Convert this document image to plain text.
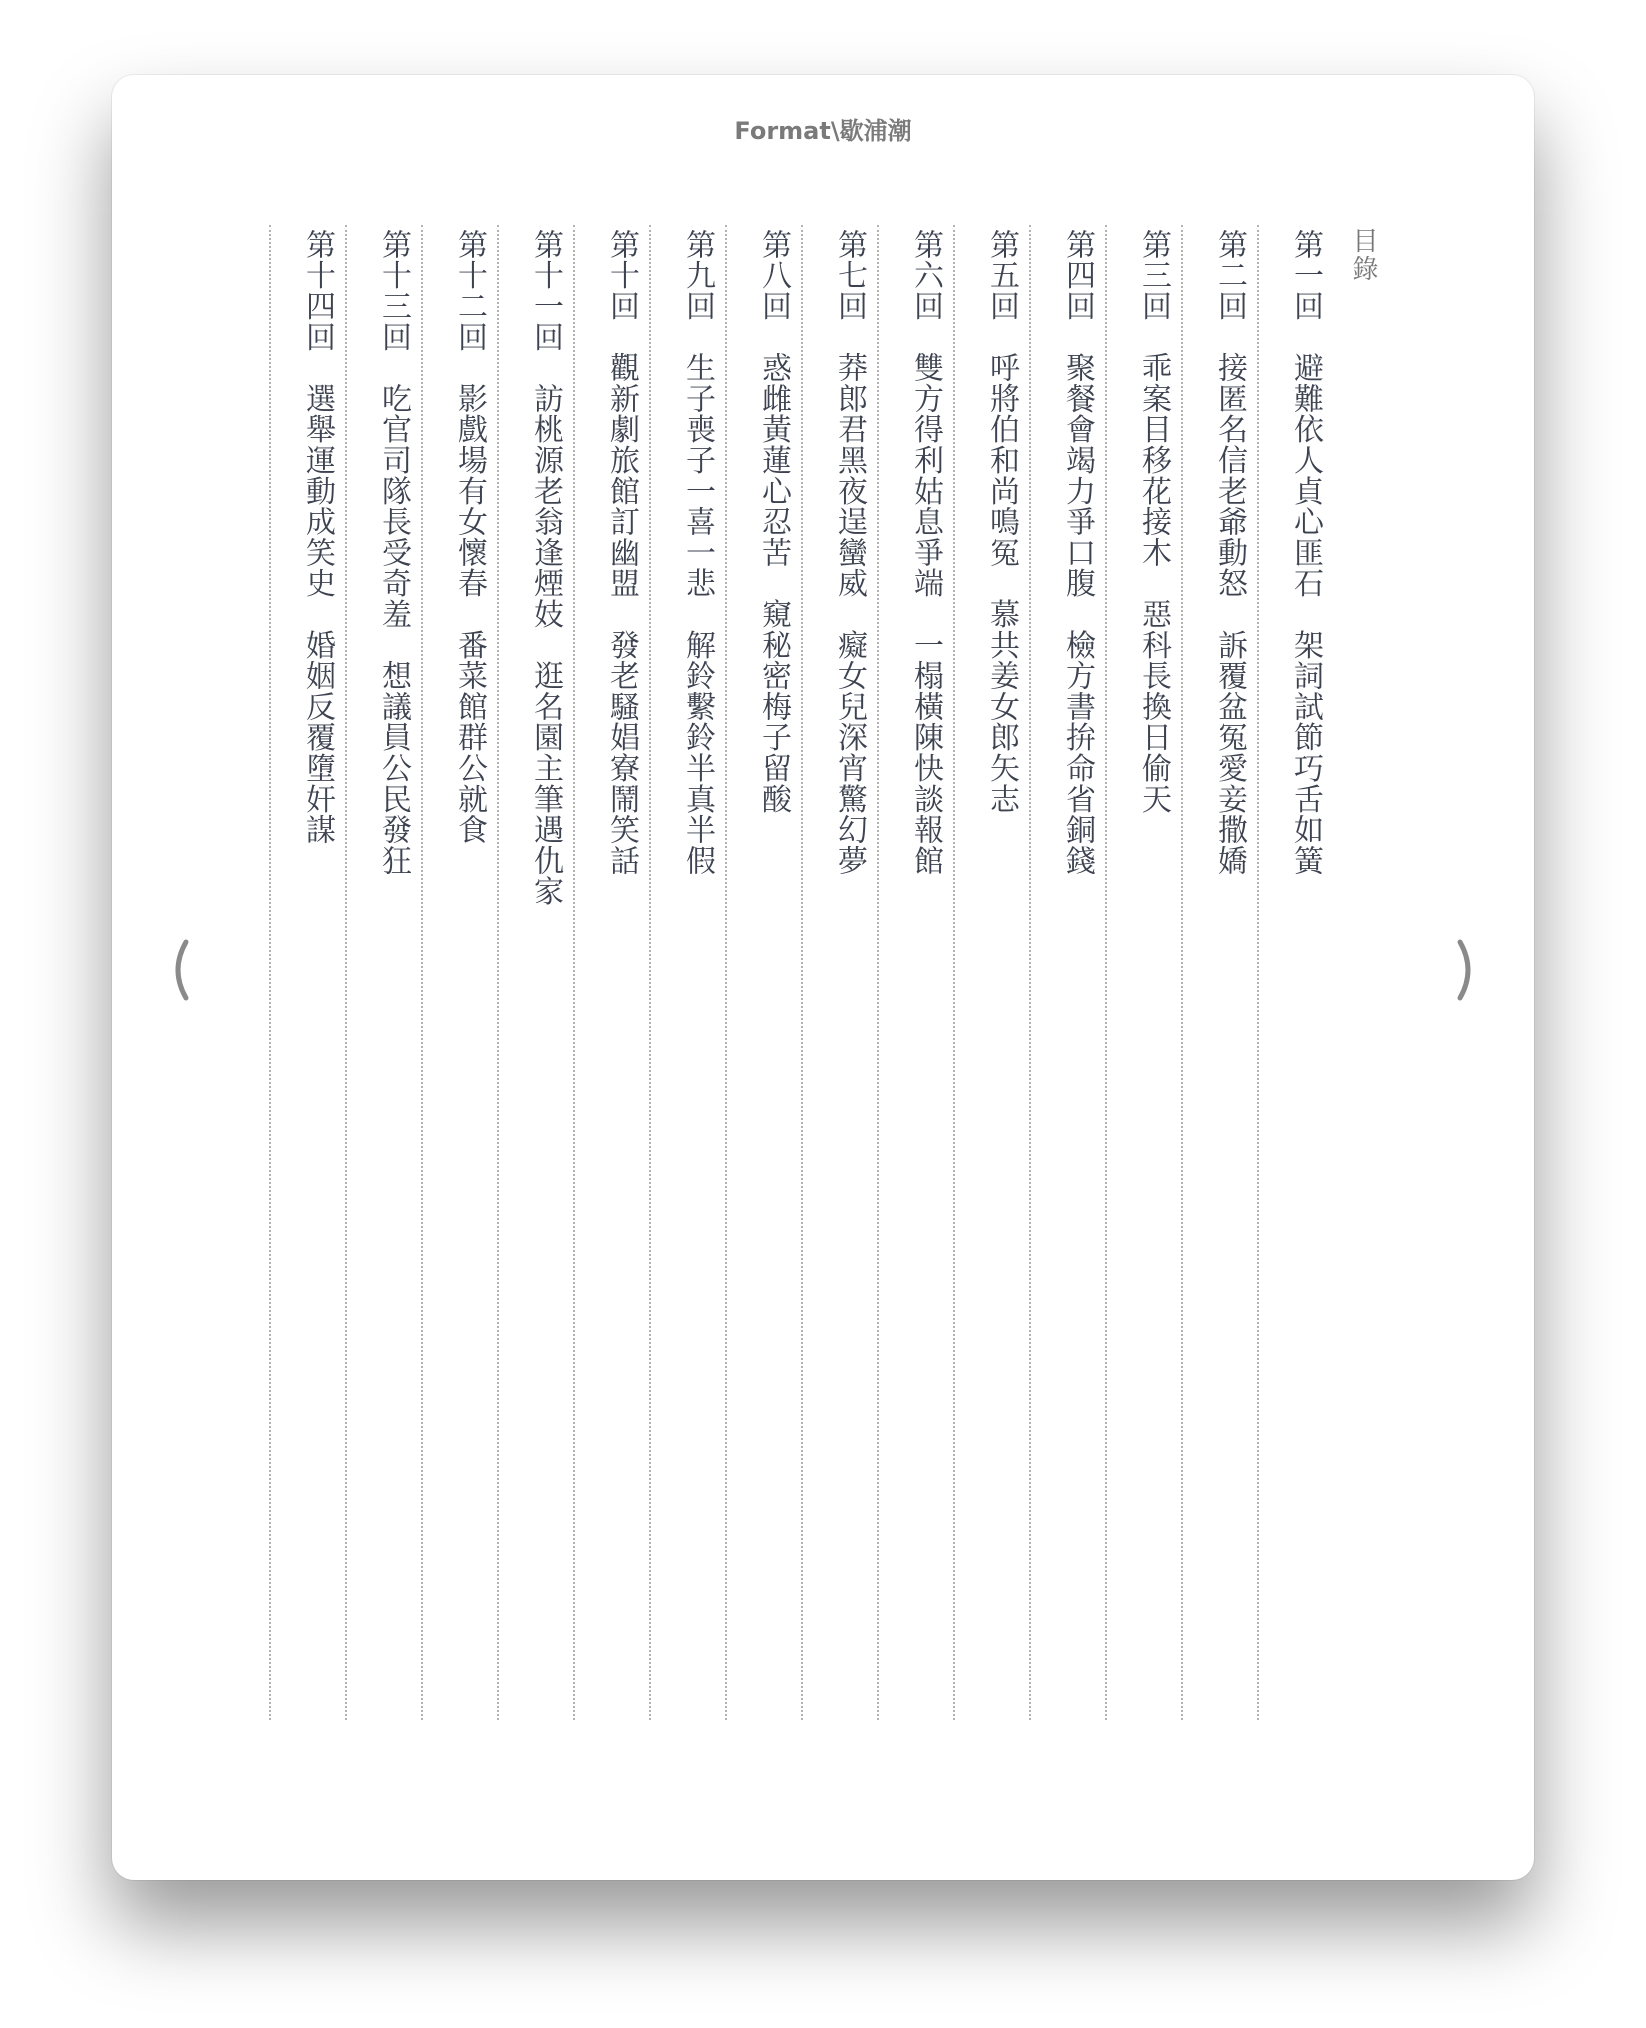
Format\歇浦潮
目錄
第一回　避難依人貞心匪石　架詞試節巧舌如簧
第二回　接匿名信老爺動怒　訴覆盆冤愛妾撒嬌
第三回　乖案目移花接木　惡科長換日偷天
第四回　聚餐會竭力爭口腹　檢方書拚命省銅錢
第五回　呼將伯和尚鳴冤　慕共姜女郎矢志
第六回　雙方得利姑息爭端　一榻橫陳快談報館
第七回　莽郎君黑夜逞蠻威　癡女兒深宵驚幻夢
第八回　惑雌黃蓮心忍苦　窺秘密梅子留酸
第九回　生子喪子一喜一悲　解鈴繫鈴半真半假
第十回　觀新劇旅館訂幽盟　發老騷娼寮鬧笑話
第十一回　訪桃源老翁逢煙妓　逛名園主筆遇仇家
第十二回　影戲場有女懷春　番菜館群公就食
第十三回　吃官司隊長受奇羞　想議員公民發狂
第十四回　選舉運動成笑史　婚姻反覆墮奸謀
